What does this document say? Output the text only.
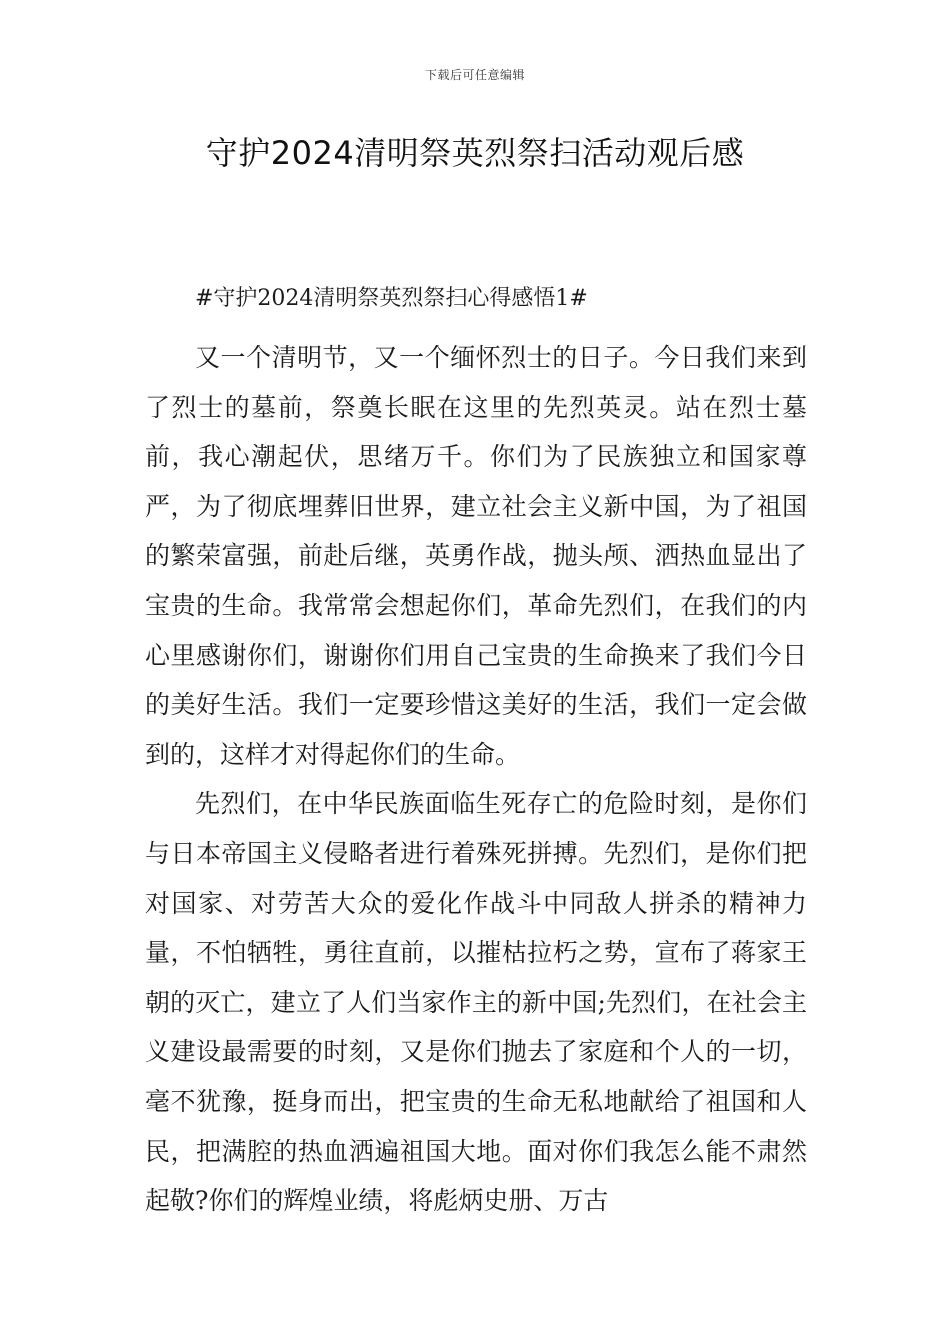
下载后可任意编辑
守护2024清明祭英烈祭扫活动观后感

#守护2024清明祭英烈祭扫心得感悟1#

又一个清明节，又一个缅怀烈士的日子。今日我们来到了烈士的墓前，祭奠长眠在这里的先烈英灵。站在烈士墓前，我心潮起伏，思绪万千。你们为了民族独立和国家尊严，为了彻底埋葬旧世界，建立社会主义新中国，为了祖国的繁荣富强，前赴后继，英勇作战，抛头颅、洒热血显出了宝贵的生命。我常常会想起你们，革命先烈们，在我们的内心里感谢你们，谢谢你们用自己宝贵的生命换来了我们今日的美好生活。我们一定要珍惜这美好的生活，我们一定会做到的，这样才对得起你们的生命。

先烈们，在中华民族面临生死存亡的危险时刻，是你们与日本帝国主义侵略者进行着殊死拼搏。先烈们，是你们把对国家、对劳苦大众的爱化作战斗中同敌人拼杀的精神力量，不怕牺牲，勇往直前，以摧枯拉朽之势，宣布了蒋家王朝的灭亡，建立了人们当家作主的新中国;先烈们，在社会主义建设最需要的时刻，又是你们抛去了家庭和个人的一切，毫不犹豫，挺身而出，把宝贵的生命无私地献给了祖国和人民，把满腔的热血洒遍祖国大地。面对你们我怎么能不肃然起敬?你们的辉煌业绩，将彪炳史册、万古
